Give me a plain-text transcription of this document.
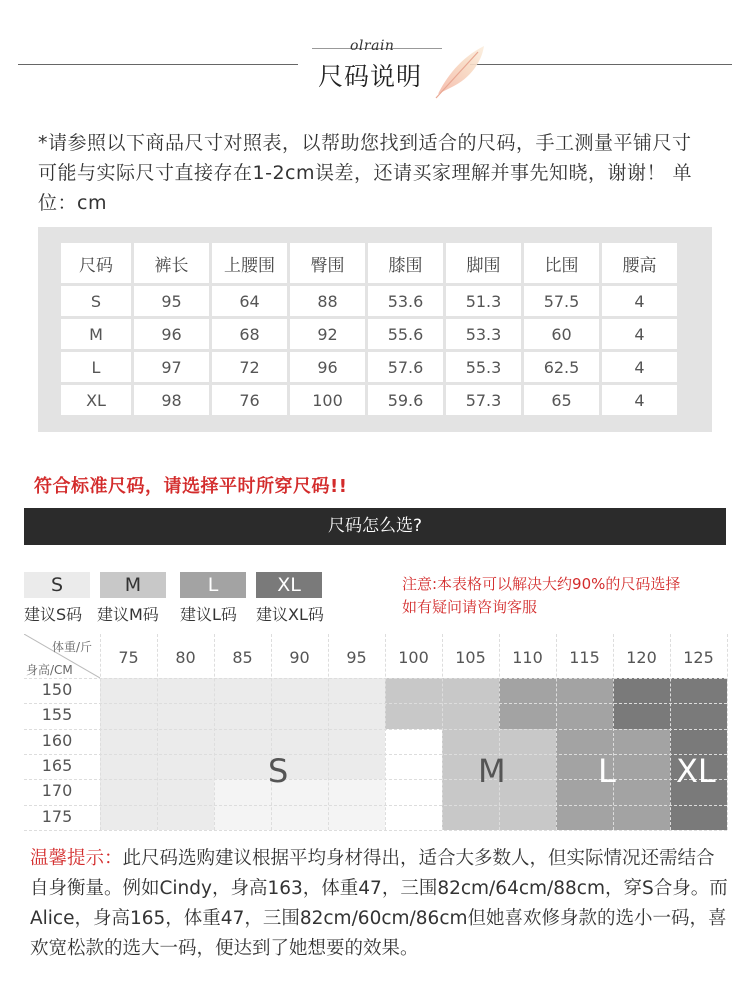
olrain
尺码说明
*请参照以下商品尺寸对照表，以帮助您找到适合的尺码，手工测量平铺尺寸可能与实际尺寸直接存在1-2cm误差，还请买家理解并事先知晓，谢谢！ 单位：cm
尺码	裤长	上腰围	臀围	膝围	脚围	比围	腰高
S	95	64	88	53.6	51.3	57.5	4
M	96	68	92	55.6	53.3	60	4
L	97	72	96	57.6	55.3	62.5	4
XL	98	76	100	59.6	57.3	65	4
符合标准尺码，请选择平时所穿尺码!!
尺码怎么选?
S
建议S码
M
建议M码
L
建议L码
XL
建议XL码
注意:本表格可以解决大约90%的尺码选择
如有疑问请咨询客服
体重/斤
身高/CM
75	80	85	90	95	100	105	110	115	120	125
150
155
160
165
170
175
S	M	L XL
温馨提示：此尺码选购建议根据平均身材得出，适合大多数人，但实际情况还需结合自身衡量。例如Cindy，身高163，体重47，三围82cm/64cm/88cm，穿S合身。而Alice，身高165，体重47，三围82cm/60cm/86cm但她喜欢修身款的选小一码，喜欢宽松款的选大一码，便达到了她想要的效果。
